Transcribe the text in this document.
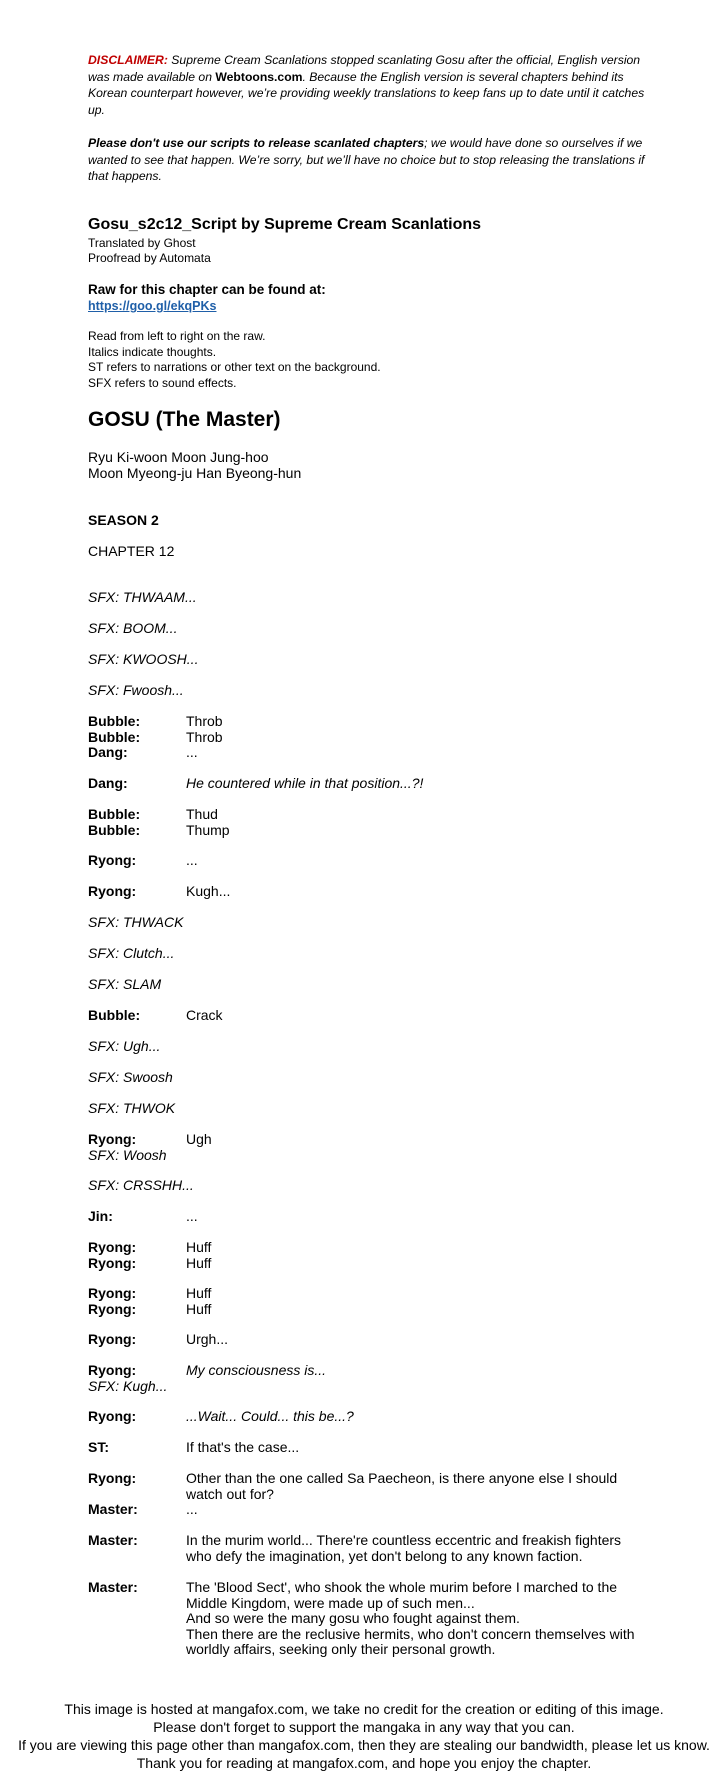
DISCLAIMER: Supreme Cream Scanlations stopped scanlating Gosu after the official, English version was made available on Webtoons.com. Because the English version is several chapters behind its Korean counterpart however, we’re providing weekly translations to keep fans up to date until it catches up.
Please don't use our scripts to release scanlated chapters; we would have done so ourselves if we wanted to see that happen. We’re sorry, but we’ll have no choice but to stop releasing the translations if that happens.
Gosu_s2c12_Script by Supreme Cream Scanlations
Translated by Ghost
Proofread by Automata
Raw for this chapter can be found at:
https://goo.gl/ekqPKs
Read from left to right on the raw.
Italics indicate thoughts.
ST refers to narrations or other text on the background.
SFX refers to sound effects.
GOSU (The Master)
Ryu Ki-woon Moon Jung-hoo
Moon Myeong-ju Han Byeong-hun
SEASON 2
CHAPTER 12
SFX: THWAAM...
SFX: BOOM...
SFX: KWOOSH...
SFX: Fwoosh...
Bubble:	Throb
Bubble:	Throb
Dang:	...
Dang:	He countered while in that position...?!
Bubble:	Thud
Bubble:	Thump
Ryong:	...
Ryong:	Kugh...
SFX: THWACK
SFX: Clutch...
SFX: SLAM
Bubble:	Crack
SFX: Ugh...
SFX: Swoosh
SFX: THWOK
Ryong:	Ugh
SFX: Woosh
SFX: CRSSHH...
Jin:	...
Ryong:	Huff
Ryong:	Huff
Ryong:	Huff
Ryong:	Huff
Ryong:	Urgh...
Ryong:	My consciousness is...
SFX: Kugh...
Ryong:	...Wait... Could... this be...?
ST:	If that's the case...
Ryong:	Other than the one called Sa Paecheon, is there anyone else I should watch out for?
Master:	...
Master:	In the murim world... There're countless eccentric and freakish fighters who defy the imagination, yet don't belong to any known faction.
Master:	The 'Blood Sect', who shook the whole murim before I marched to the Middle Kingdom, were made up of such men...
And so were the many gosu who fought against them.
Then there are the reclusive hermits, who don't concern themselves with worldly affairs, seeking only their personal growth.
This image is hosted at mangafox.com, we take no credit for the creation or editing of this image.
Please don't forget to support the mangaka in any way that you can.
If you are viewing this page other than mangafox.com, then they are stealing our bandwidth, please let us know.
Thank you for reading at mangafox.com, and hope you enjoy the chapter.
